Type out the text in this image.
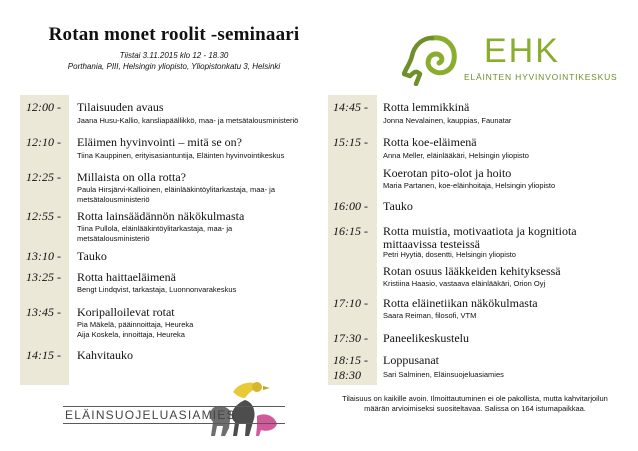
Rotan monet roolit -seminaari
Tiistai 3.11.2015 klo 12 - 18.30
Porthania, PIII, Helsingin yliopisto, Yliopistonkatu 3, Helsinki	EHK
ELÄINTEN HYVINVOINTIKESKUS
12:00 - Tilaisuuden avaus
Jaana Husu-Kallio, kansliapäällikkö, maa- ja metsätalousministeriö
12:10 - Eläimen hyvinvointi – mitä se on?
Tiina Kauppinen, erityisasiantuntija, Eläinten hyvinvointikeskus
12:25 - Millaista on olla rotta?
Paula Hirsjärvi-Kallioinen, eläinlääkintöylitarkastaja, maa- ja metsätalousministeriö
12:55 - Rotta lainsäädännön näkökulmasta
Tiina Pullola, eläinlääkintöylitarkastaja, maa- ja metsätalousministeriö
13:10 - Tauko
13:25 - Rotta haittaeläimenä
Bengt Lindqvist, tarkastaja, Luonnonvarakeskus
13:45 - Koripalloilevat rotat
Pia Mäkelä, pääinnoittaja, Heureka
Aija Koskela, innoittaja, Heureka
14:15 - Kahvitauko
14:45 - Rotta lemmikkinä
Jonna Nevalainen, kauppias, Faunatar
15:15 - Rotta koe-eläimenä
Anna Meller, eläinlääkäri, Helsingin yliopisto
Koerotan pito-olot ja hoito
Maria Partanen, koe-eläinhoitaja, Helsingin yliopisto
16:00 - Tauko
16:15 - Rotta muistia, motivaatiota ja kognitiota mittaavissa testeissä
Petri Hyytiä, dosentti, Helsingin yliopisto
Rotan osuus lääkkeiden kehityksessä
Kristiina Haasio, vastaava eläinlääkäri, Orion Oyj
17:10 - Rotta eläinetiikan näkökulmasta
Saara Reiman, filosofi, VTM
17:30 - Paneelikeskustelu
18:15 - Loppusanat
18:30	Sari Salminen, Eläinsuojeluasiamies
Tilaisuus on kaikille avoin. Ilmoittautuminen ei ole pakollista, mutta kahvitarjoilun määrän arvioimiseksi suositeltavaa. Salissa on 164 istumapaikkaa.
ELÄINSUOJELUASIAMIES
